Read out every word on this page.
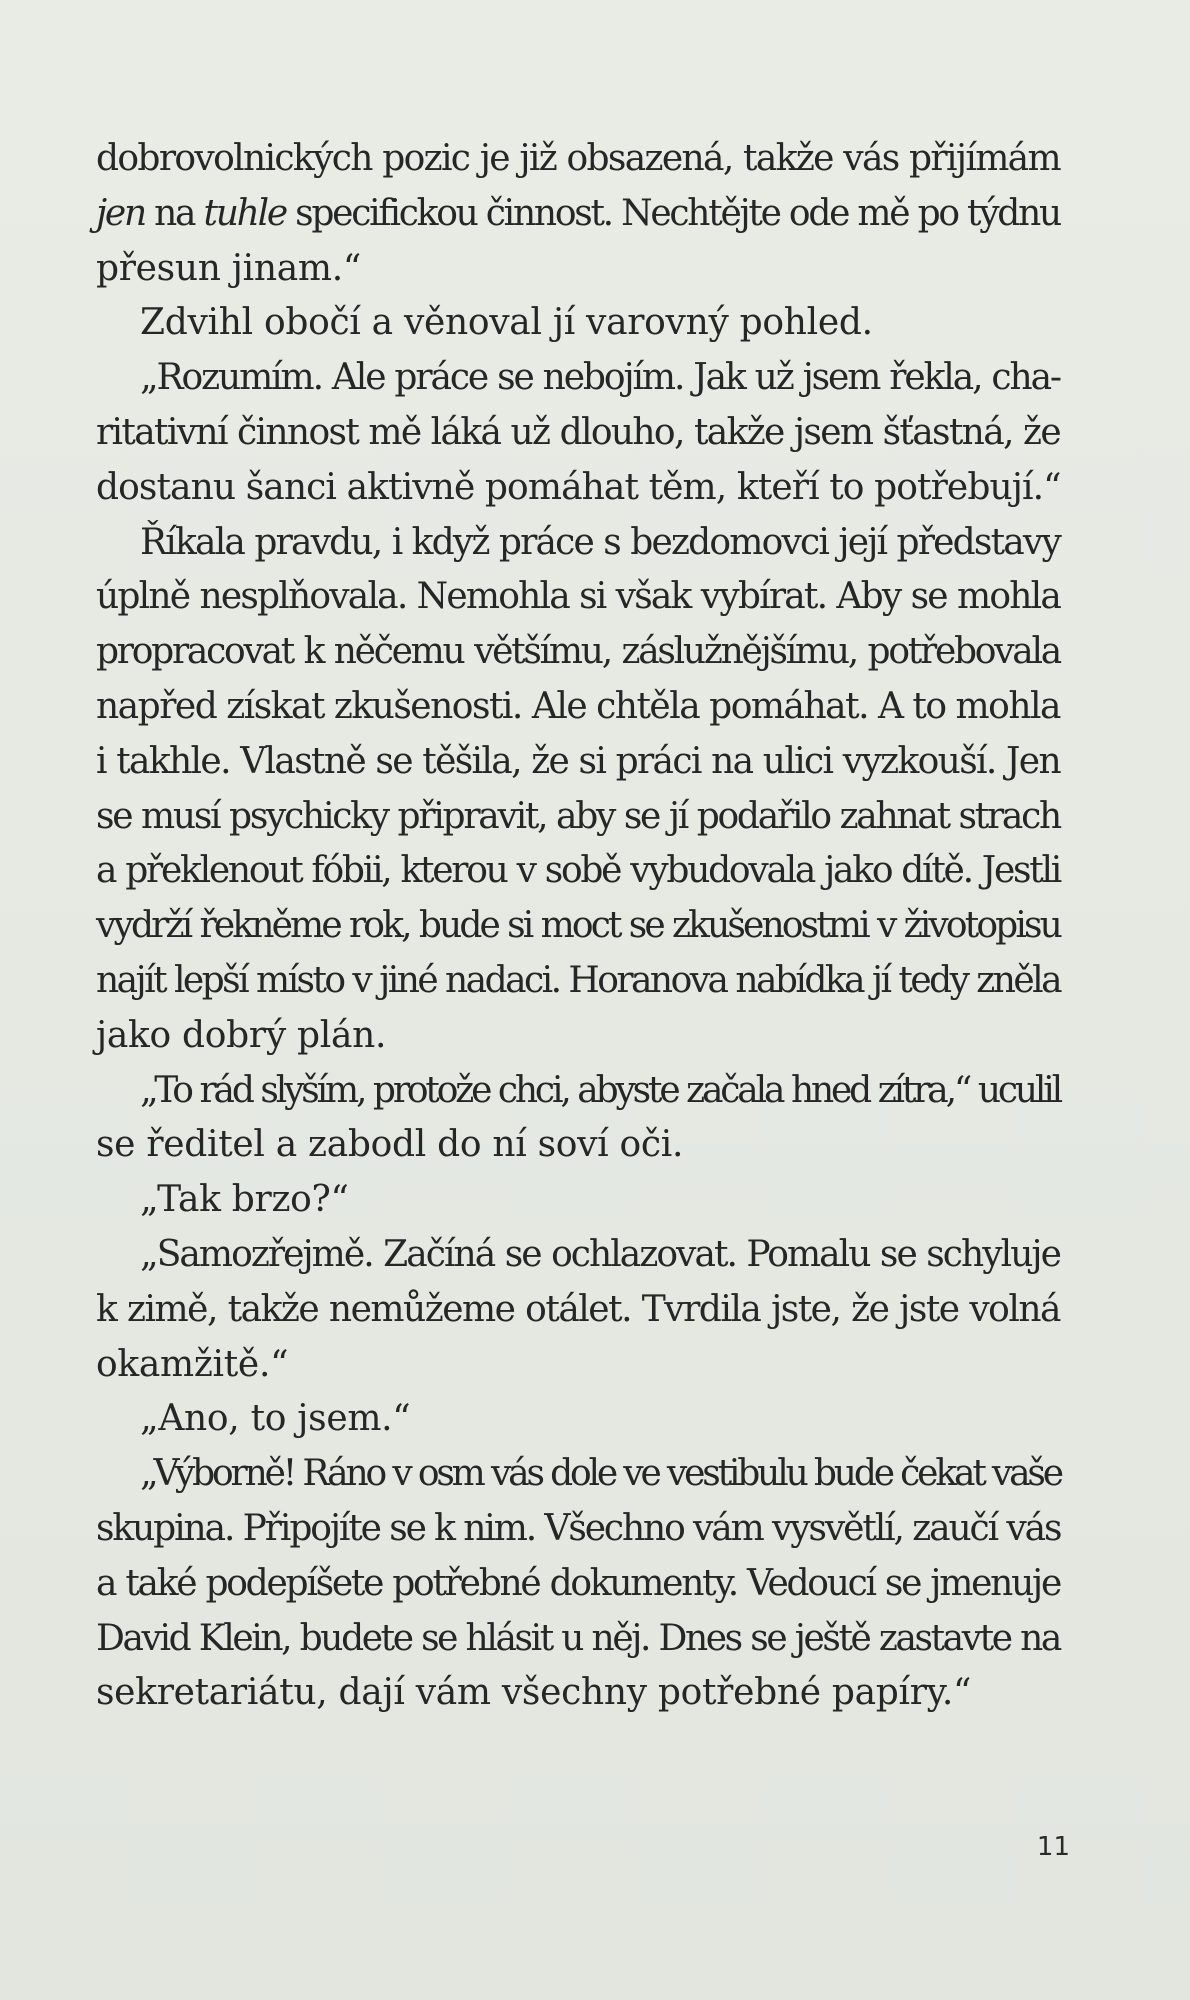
dobrovolnických pozic je již obsazená, takže vás přijímám
jen na tuhle specifickou činnost. Nechtějte ode mě po týdnu
přesun jinam.“
Zdvihl obočí a věnoval jí varovný pohled.
„Rozumím. Ale práce se nebojím. Jak už jsem řekla, cha-
ritativní činnost mě láká už dlouho, takže jsem šťastná, že
dostanu šanci aktivně pomáhat těm, kteří to potřebují.“
Říkala pravdu, i když práce s bezdomovci její představy
úplně nesplňovala. Nemohla si však vybírat. Aby se mohla
propracovat k něčemu většímu, záslužnějšímu, potřebovala
napřed získat zkušenosti. Ale chtěla pomáhat. A to mohla
i takhle. Vlastně se těšila, že si práci na ulici vyzkouší. Jen
se musí psychicky připravit, aby se jí podařilo zahnat strach
a překlenout fóbii, kterou v sobě vybudovala jako dítě. Jestli
vydrží řekněme rok, bude si moct se zkušenostmi v životopisu
najít lepší místo v jiné nadaci. Horanova nabídka jí tedy zněla
jako dobrý plán.
„To rád slyším, protože chci, abyste začala hned zítra,“ uculil
se ředitel a zabodl do ní soví oči.
„Tak brzo?“
„Samozřejmě. Začíná se ochlazovat. Pomalu se schyluje
k zimě, takže nemůžeme otálet. Tvrdila jste, že jste volná
okamžitě.“
„Ano, to jsem.“
„Výborně! Ráno v osm vás dole ve vestibulu bude čekat vaše
skupina. Připojíte se k nim. Všechno vám vysvětlí, zaučí vás
a také podepíšete potřebné dokumenty. Vedoucí se jmenuje
David Klein, budete se hlásit u něj. Dnes se ještě zastavte na
sekretariátu, dají vám všechny potřebné papíry.“
11
